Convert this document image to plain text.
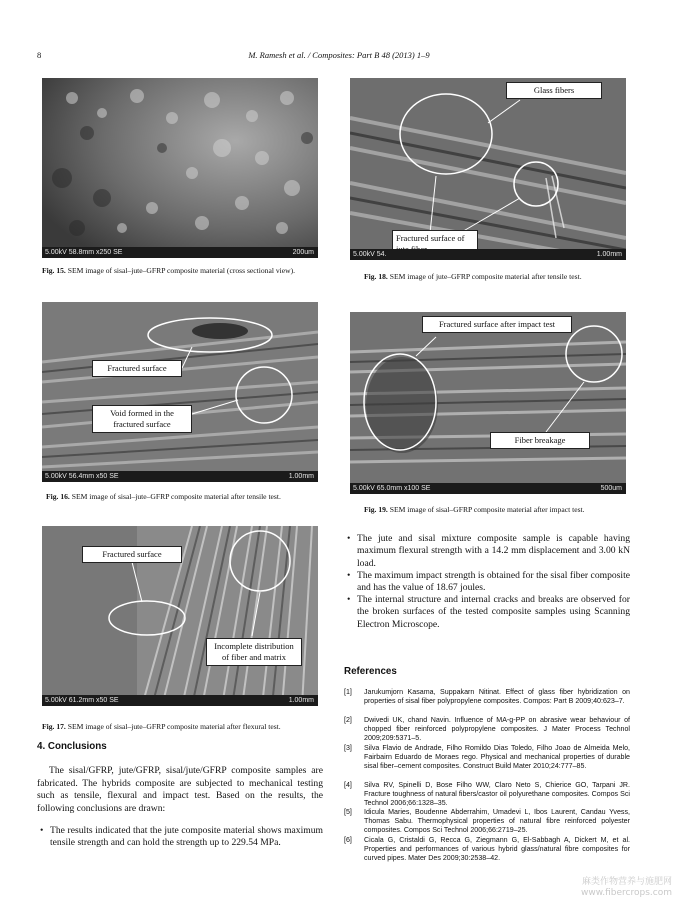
8	M. Ramesh et al. / Composites: Part B 48 (2013) 1–9
5.00kV 58.8mm x250 SE	200um
Fig. 15. SEM image of sisal–jute–GFRP composite material (cross sectional view).
Fractured surface
Void formed in the fractured surface
5.00kV 56.4mm x50 SE	1.00mm
Fig. 16. SEM image of sisal–jute–GFRP composite material after tensile test.
Fractured surface
Incomplete distribution of fiber and matrix
5.00kV 61.2mm x50 SE	1.00mm
Fig. 17. SEM image of sisal–jute–GFRP composite material after flexural test.
Glass fibers
Fractured surface of
5.00kV 54.	1.00mm
Fig. 18. SEM image of jute–GFRP composite material after tensile test.
Fractured surface after impact test
Fiber breakage
5.00kV 65.0mm x100 SE	500um
Fig. 19. SEM image of sisal–GFRP composite material after impact test.
4. Conclusions
The sisal/GFRP, jute/GFRP, sisal/jute/GFRP composite samples are fabricated. The hybrids composite are subjected to mechanical testing such as tensile, flexural and impact test. Based on the results, the following conclusions are drawn:
• The results indicated that the jute composite material shows maximum tensile strength and can hold the strength up to 229.54 MPa.
• The jute and sisal mixture composite sample is capable having maximum flexural strength with a 14.2 mm displacement and 3.00 kN load.
• The maximum impact strength is obtained for the sisal fiber composite and has the value of 18.67 joules.
• The internal structure and internal cracks and breaks are observed for the broken surfaces of the tested composite samples using Scanning Electron Microscope.
References
[1] Jarukumjorn Kasama, Suppakarn Nitinat. Effect of glass fiber hybridization on properties of sisal fiber polypropylene composites. Compos: Part B 2009;40:623–7.
[2] Dwivedi UK, chand Navin. Influence of MA-g-PP on abrasive wear behaviour of chopped fiber reinforced polypropylene composites. J Mater Process Technol 2009;209:5371–5.
[3] Silva Flavio de Andrade, Filho Romildo Dias Toledo, Filho Joao de Almeida Melo, Fairbairn Eduardo de Moraes rego. Physical and mechanical properties of durable sisal fiber–cement composites. Construct Build Mater 2010;24:777–85.
[4] Silva RV, Spinelli D, Bose Filho WW, Claro Neto S, Chierice GO, Tarpani JR. Fracture toughness of natural fibers/castor oil polyurethane composites. Compos Sci Technol 2006;66:1328–35.
[5] Idicula Maries, Boudenne Abderrahim, Umadevi L, Ibos Laurent, Candau Yvess, Thomas Sabu. Thermophysical properties of natural fibre reinforced polyester composites. Compos Sci Technol 2006;66:2719–25.
[6] Cicala G, Cristaldi G, Recca G, Ziegmann G, El-Sabbagh A, Dickert M, et al. Properties and performances of various hybrid glass/natural fibre composites for curved pipes. Mater Des 2009;30:2538–42.
麻类作物营养与施肥网
www.fibercrops.com
